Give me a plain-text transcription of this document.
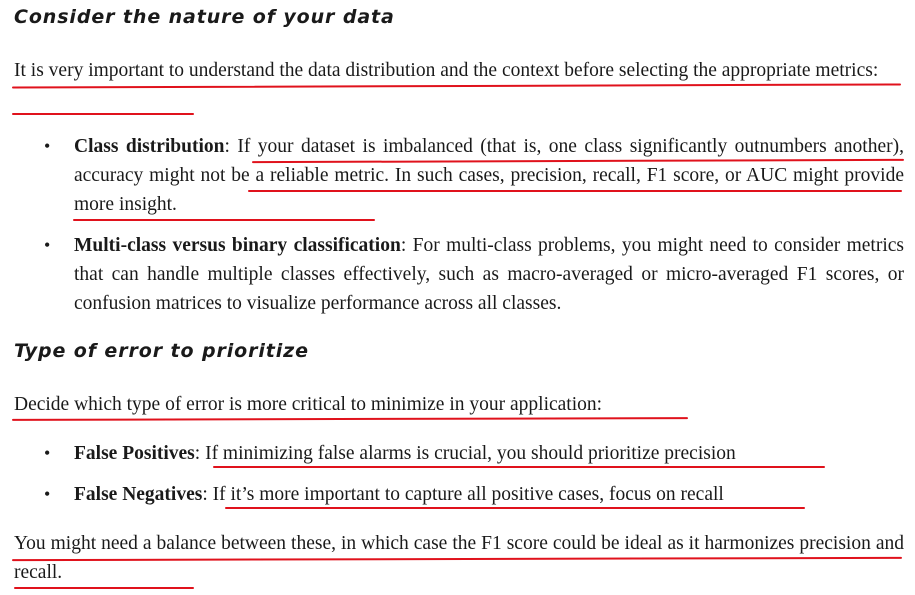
Consider the nature of your data

It is very important to understand the data distribution and the context before selecting the appropriate metrics:

• Class distribution: If your dataset is imbalanced (that is, one class significantly outnumbers another), accuracy might not be a reliable metric. In such cases, precision, recall, F1 score, or AUC might provide more insight.
• Multi-class versus binary classification: For multi-class problems, you might need to consider metrics that can handle multiple classes effectively, such as macro-averaged or micro-averaged F1 scores, or confusion matrices to visualize performance across all classes.
Type of error to prioritize

Decide which type of error is more critical to minimize in your application:

• False Positives: If minimizing false alarms is crucial, you should prioritize precision
• False Negatives: If it’s more important to capture all positive cases, focus on recall

You might need a balance between these, in which case the F1 score could be ideal as it harmonizes precision and recall.
